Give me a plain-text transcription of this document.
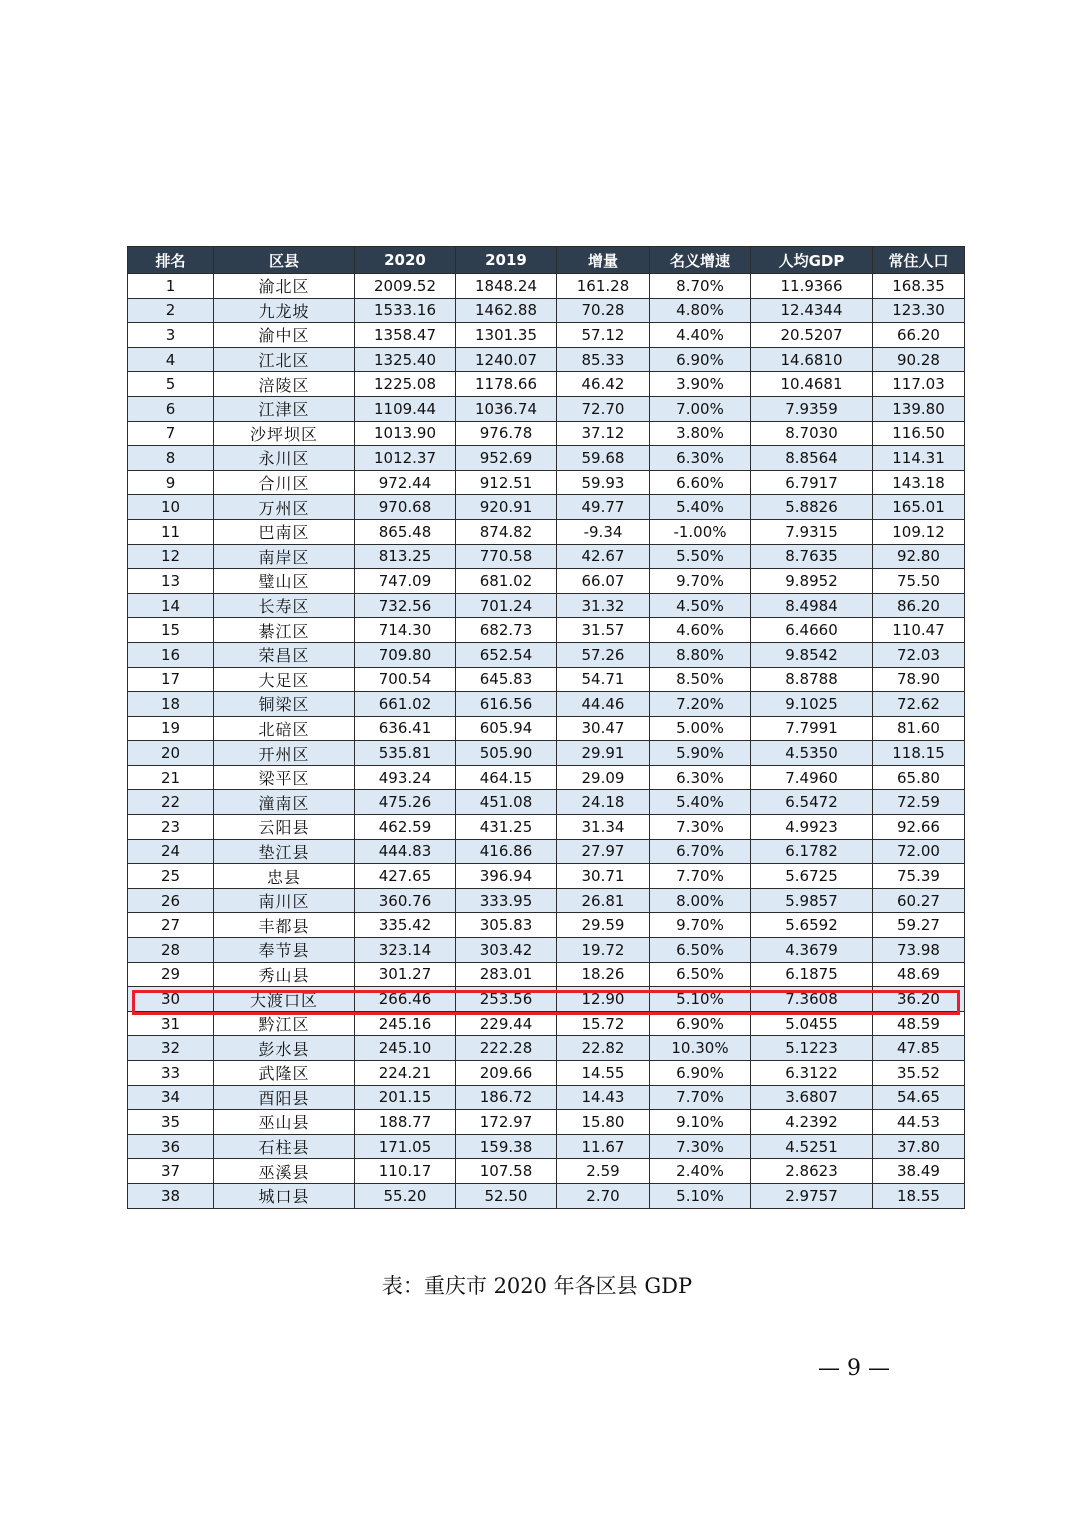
排名	区县	2020	2019	增量	名义增速	人均GDP	常住人口
1	渝北区	2009.52	1848.24	161.28	8.70%	11.9366	168.35
2	九龙坡	1533.16	1462.88	70.28	4.80%	12.4344	123.30
3	渝中区	1358.47	1301.35	57.12	4.40%	20.5207	66.20
4	江北区	1325.40	1240.07	85.33	6.90%	14.6810	90.28
5	涪陵区	1225.08	1178.66	46.42	3.90%	10.4681	117.03
6	江津区	1109.44	1036.74	72.70	7.00%	7.9359	139.80
7	沙坪坝区	1013.90	976.78	37.12	3.80%	8.7030	116.50
8	永川区	1012.37	952.69	59.68	6.30%	8.8564	114.31
9	合川区	972.44	912.51	59.93	6.60%	6.7917	143.18
10	万州区	970.68	920.91	49.77	5.40%	5.8826	165.01
11	巴南区	865.48	874.82	-9.34	-1.00%	7.9315	109.12
12	南岸区	813.25	770.58	42.67	5.50%	8.7635	92.80
13	璧山区	747.09	681.02	66.07	9.70%	9.8952	75.50
14	长寿区	732.56	701.24	31.32	4.50%	8.4984	86.20
15	綦江区	714.30	682.73	31.57	4.60%	6.4660	110.47
16	荣昌区	709.80	652.54	57.26	8.80%	9.8542	72.03
17	大足区	700.54	645.83	54.71	8.50%	8.8788	78.90
18	铜梁区	661.02	616.56	44.46	7.20%	9.1025	72.62
19	北碚区	636.41	605.94	30.47	5.00%	7.7991	81.60
20	开州区	535.81	505.90	29.91	5.90%	4.5350	118.15
21	梁平区	493.24	464.15	29.09	6.30%	7.4960	65.80
22	潼南区	475.26	451.08	24.18	5.40%	6.5472	72.59
23	云阳县	462.59	431.25	31.34	7.30%	4.9923	92.66
24	垫江县	444.83	416.86	27.97	6.70%	6.1782	72.00
25	忠县	427.65	396.94	30.71	7.70%	5.6725	75.39
26	南川区	360.76	333.95	26.81	8.00%	5.9857	60.27
27	丰都县	335.42	305.83	29.59	9.70%	5.6592	59.27
28	奉节县	323.14	303.42	19.72	6.50%	4.3679	73.98
29	秀山县	301.27	283.01	18.26	6.50%	6.1875	48.69
30	大渡口区	266.46	253.56	12.90	5.10%	7.3608	36.20
31	黔江区	245.16	229.44	15.72	6.90%	5.0455	48.59
32	彭水县	245.10	222.28	22.82	10.30%	5.1223	47.85
33	武隆区	224.21	209.66	14.55	6.90%	6.3122	35.52
34	酉阳县	201.15	186.72	14.43	7.70%	3.6807	54.65
35	巫山县	188.77	172.97	15.80	9.10%	4.2392	44.53
36	石柱县	171.05	159.38	11.67	7.30%	4.5251	37.80
37	巫溪县	110.17	107.58	2.59	2.40%	2.8623	38.49
38	城口县	55.20	52.50	2.70	5.10%	2.9757	18.55
表：重庆市 2020 年各区县 GDP
— 9 —
